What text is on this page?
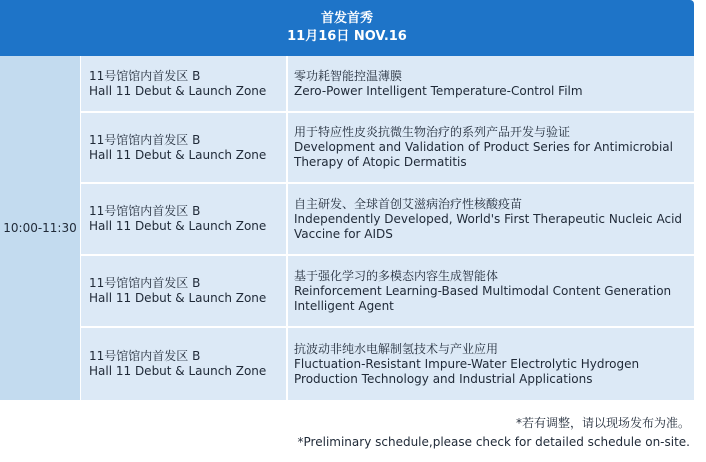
首发首秀
11月16日 NOV.16
10:00-11:30
11号馆馆内首发区 B
Hall 11 Debut & Launch Zone
零功耗智能控温薄膜
Zero-Power Intelligent Temperature-Control Film
11号馆馆内首发区 B
Hall 11 Debut & Launch Zone
用于特应性皮炎抗微生物治疗的系列产品开发与验证
Development and Validation of Product Series for Antimicrobial Therapy of Atopic Dermatitis
11号馆馆内首发区 B
Hall 11 Debut & Launch Zone
自主研发、全球首创艾滋病治疗性核酸疫苗
Independently Developed, World's First Therapeutic Nucleic Acid Vaccine for AIDS
11号馆馆内首发区 B
Hall 11 Debut & Launch Zone
基于强化学习的多模态内容生成智能体
Reinforcement Learning-Based Multimodal Content Generation Intelligent Agent
11号馆馆内首发区 B
Hall 11 Debut & Launch Zone
抗波动非纯水电解制氢技术与产业应用
Fluctuation-Resistant Impure-Water Electrolytic Hydrogen Production Technology and Industrial Applications
*若有调整，请以现场发布为准。
*Preliminary schedule,please check for detailed schedule on-site.
